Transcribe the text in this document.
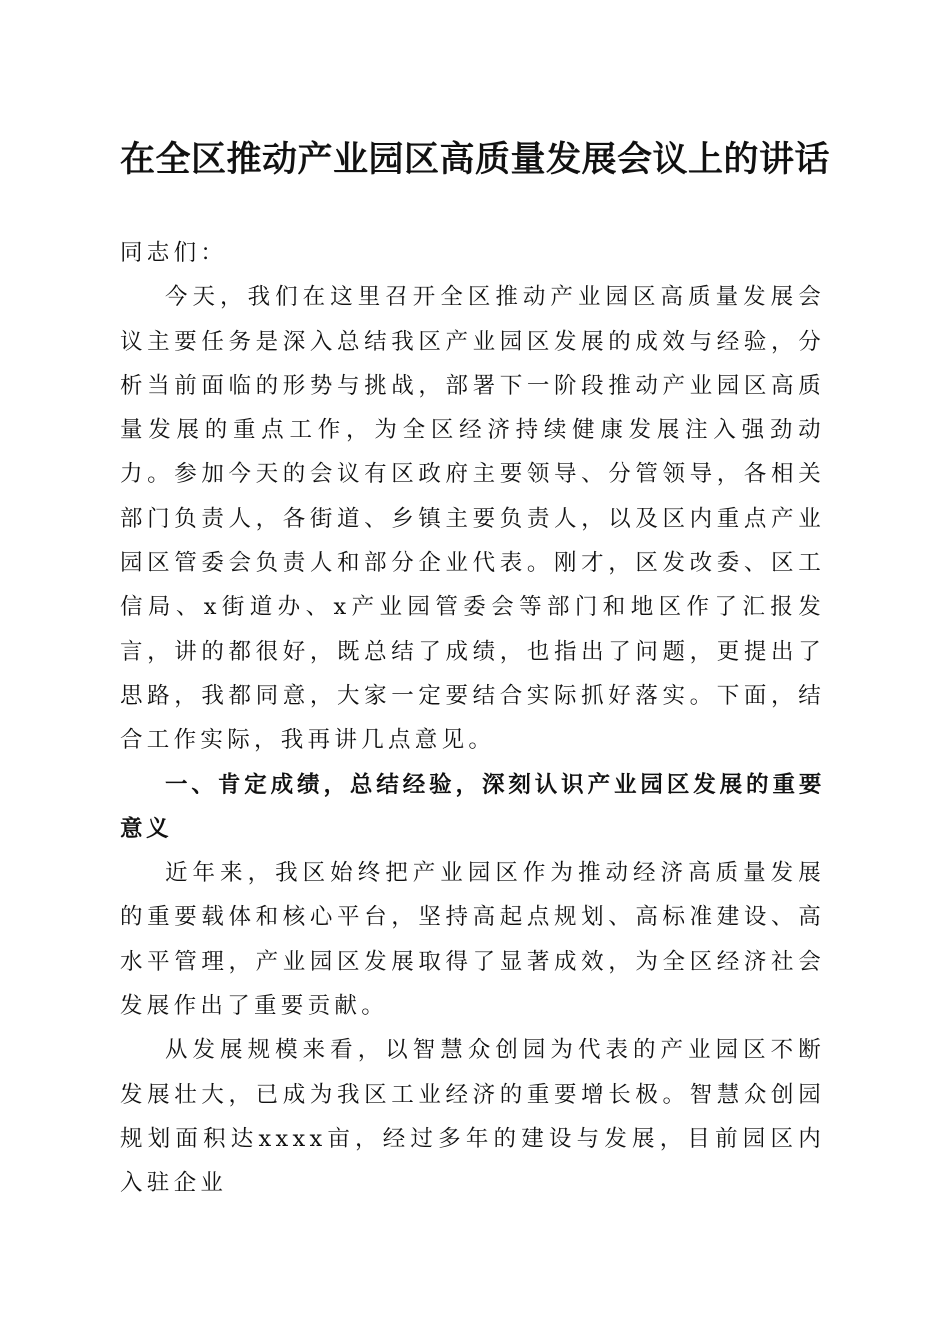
在全区推动产业园区高质量发展会议上的讲话

同志们：

今天，我们在这里召开全区推动产业园区高质量发展会议主要任务是深入总结我区产业园区发展的成效与经验，分析当前面临的形势与挑战，部署下一阶段推动产业园区高质量发展的重点工作，为全区经济持续健康发展注入强劲动力。参加今天的会议有区政府主要领导、分管领导，各相关部门负责人，各街道、乡镇主要负责人，以及区内重点产业园区管委会负责人和部分企业代表。刚才，区发改委、区工信局、x街道办、x产业园管委会等部门和地区作了汇报发言，讲的都很好，既总结了成绩，也指出了问题，更提出了思路，我都同意，大家一定要结合实际抓好落实。下面，结合工作实际，我再讲几点意见。

一、肯定成绩，总结经验，深刻认识产业园区发展的重要意义

近年来，我区始终把产业园区作为推动经济高质量发展的重要载体和核心平台，坚持高起点规划、高标准建设、高水平管理，产业园区发展取得了显著成效，为全区经济社会发展作出了重要贡献。

从发展规模来看，以智慧众创园为代表的产业园区不断发展壮大，已成为我区工业经济的重要增长极。智慧众创园规划面积达xxxx亩，经过多年的建设与发展，目前园区内入驻企业
